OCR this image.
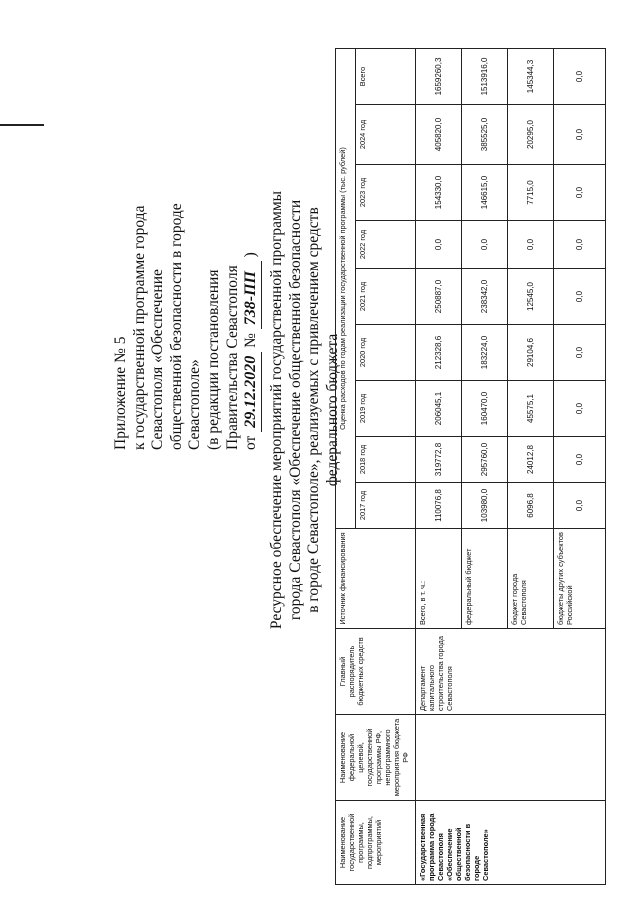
Приложение № 5 к государственной программе города Севастополя «Обеспечение общественной безопасности в городе Севастополе» (в редакции постановления Правительства Севастополя от 29.12.2020 № 738-ПП ) Ресурсное обеспечение мероприятий государственной программы города Севастополя «Обеспечение общественной безопасности в городе Севастополе», реализуемых с привлечением средств федерального бюджета
Наименование государственной программы, подпрограммы, мероприятий	Наименование федеральной целевой, государственной программы РФ, непрограммного мероприятия бюджета РФ	Главный распорядитель бюджетных средств	Источник финансирования	Оценка расходов по годам реализации государственной программы (тыс. рублей)								
				2017 год	2018 год	2019 год	2020 год	2021 год	2022 год	2023 год	2024 год	Всего
«Государственная программа города Севастополя «Обеспечение общественной безопасности в городе Севастополе»		Департамент капитального строительства города Севастополя	Всего, в т. ч.:	110076,8	319772,8	206045,1	212328,6	250887,0	0,0	154330,0	405820,0	1659260,3
			федеральный бюджет	103980,0	295760,0	160470,0	183224,0	238342,0	0,0	146615,0	385525,0	1513916,0
			бюджет города Севастополя	6096,8	24012,8	45575,1	29104,6	12545,0	0,0	7715,0	20295,0	145344,3
			бюджеты других субъектов Российской	0,0	0,0	0,0	0,0	0,0	0,0	0,0	0,0	0,0
